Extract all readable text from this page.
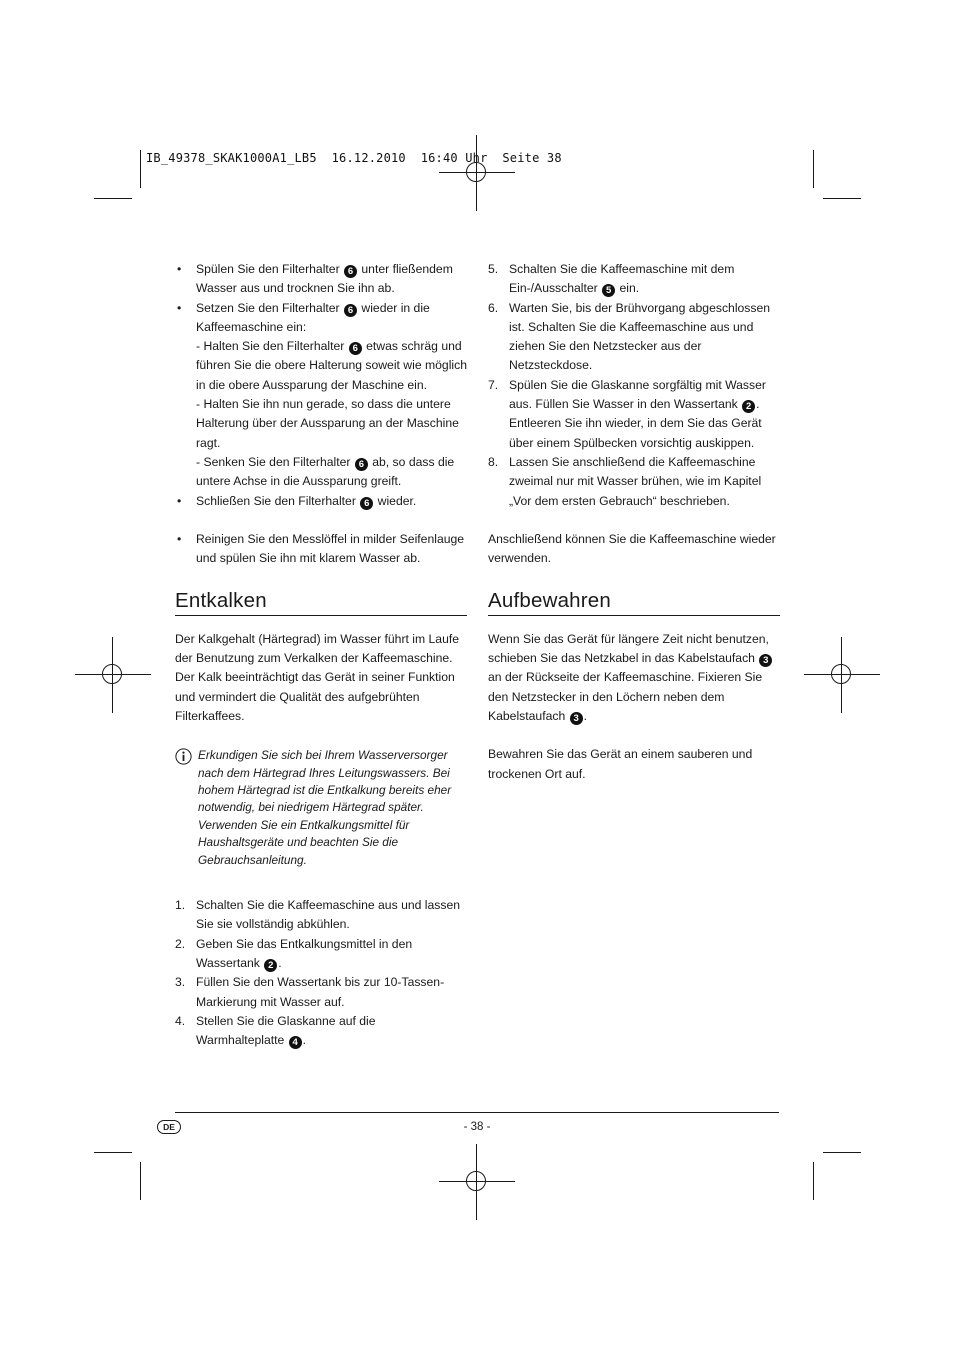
IB_49378_SKAK1000A1_LB5  16.12.2010  16:40 Uhr  Seite 38
• Spülen Sie den Filterhalter 6 unter fließendem Wasser aus und trocknen Sie ihn ab.
• Setzen Sie den Filterhalter 6 wieder in die Kaffeemaschine ein:
- Halten Sie den Filterhalter 6 etwas schräg und führen Sie die obere Halterung soweit wie möglich in die obere Aussparung der Maschine ein.
- Halten Sie ihn nun gerade, so dass die untere Halterung über der Aussparung an der Maschine ragt.
- Senken Sie den Filterhalter 6 ab, so dass die untere Achse in die Aussparung greift.
• Schließen Sie den Filterhalter 6 wieder.
• Reinigen Sie den Messlöffel in milder Seifenlauge und spülen Sie ihn mit klarem Wasser ab.
Entkalken

Der Kalkgehalt (Härtegrad) im Wasser führt im Laufe der Benutzung zum Verkalken der Kaffeemaschine. Der Kalk beeinträchtigt das Gerät in seiner Funktion und vermindert die Qualität des aufgebrühten Filterkaffees.

Erkundigen Sie sich bei Ihrem Wasserversorger nach dem Härtegrad Ihres Leitungswassers. Bei hohem Härtegrad ist die Entkalkung bereits eher notwendig, bei niedrigem Härtegrad später. Verwenden Sie ein Entkalkungsmittel für Haushaltsgeräte und beachten Sie die Gebrauchsanleitung.
1. Schalten Sie die Kaffeemaschine aus und lassen Sie sie vollständig abkühlen.
2. Geben Sie das Entkalkungsmittel in den Wassertank 2 .
3. Füllen Sie den Wassertank bis zur 10-Tassen-Markierung mit Wasser auf.
4. Stellen Sie die Glaskanne auf die Warmhalteplatte 4 .
5. Schalten Sie die Kaffeemaschine mit dem Ein-/Ausschalter 5 ein.
6. Warten Sie, bis der Brühvorgang abgeschlossen ist. Schalten Sie die Kaffeemaschine aus und ziehen Sie den Netzstecker aus der Netzsteckdose.
7. Spülen Sie die Glaskanne sorgfältig mit Wasser aus. Füllen Sie Wasser in den Wassertank 2 . Entleeren Sie ihn wieder, in dem Sie das Gerät über einem Spülbecken vorsichtig auskippen.
8. Lassen Sie anschließend die Kaffeemaschine zweimal nur mit Wasser brühen, wie im Kapitel „Vor dem ersten Gebrauch“ beschrieben.

Anschließend können Sie die Kaffeemaschine wieder verwenden.

Aufbewahren

Wenn Sie das Gerät für längere Zeit nicht benutzen, schieben Sie das Netzkabel in das Kabelstaufach 3 an der Rückseite der Kaffeemaschine. Fixieren Sie den Netzstecker in den Löchern neben dem Kabelstaufach 3 .

Bewahren Sie das Gerät an einem sauberen und trockenen Ort auf.

DE	- 38 -
